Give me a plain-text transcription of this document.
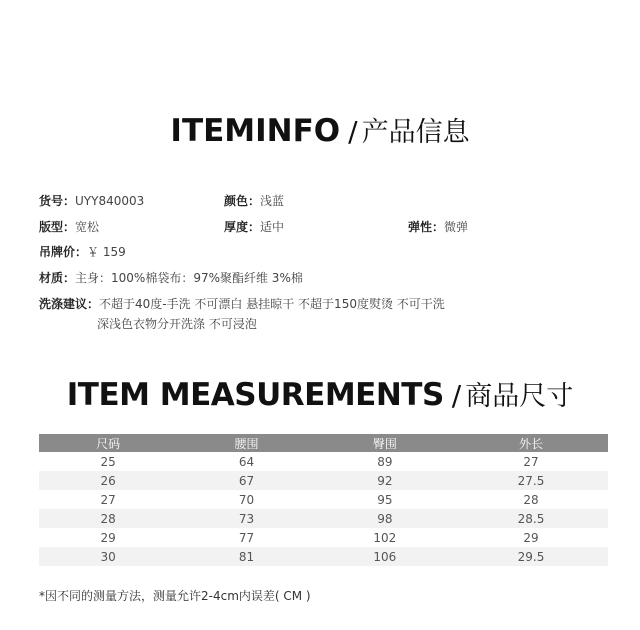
ITEMINFO / 产品信息
货号：UYY840003	颜色：浅蓝
版型：宽松	厚度：适中	弹性：微弹
吊牌价：￥ 159
材质：主身：100%棉袋布：97%聚酯纤维 3%棉
洗涤建议：不超于40度-手洗 不可漂白 悬挂晾干 不超于150度熨烫 不可干洗
深浅色衣物分开洗涤 不可浸泡
ITEM MEASUREMENTS / 商品尺寸
尺码	腰围	臀围	外长
25	64	89	27
26	67	92	27.5
27	70	95	28
28	73	98	28.5
29	77	102	29
30	81	106	29.5
*因不同的测量方法，测量允许2-4cm内误差( CM )
